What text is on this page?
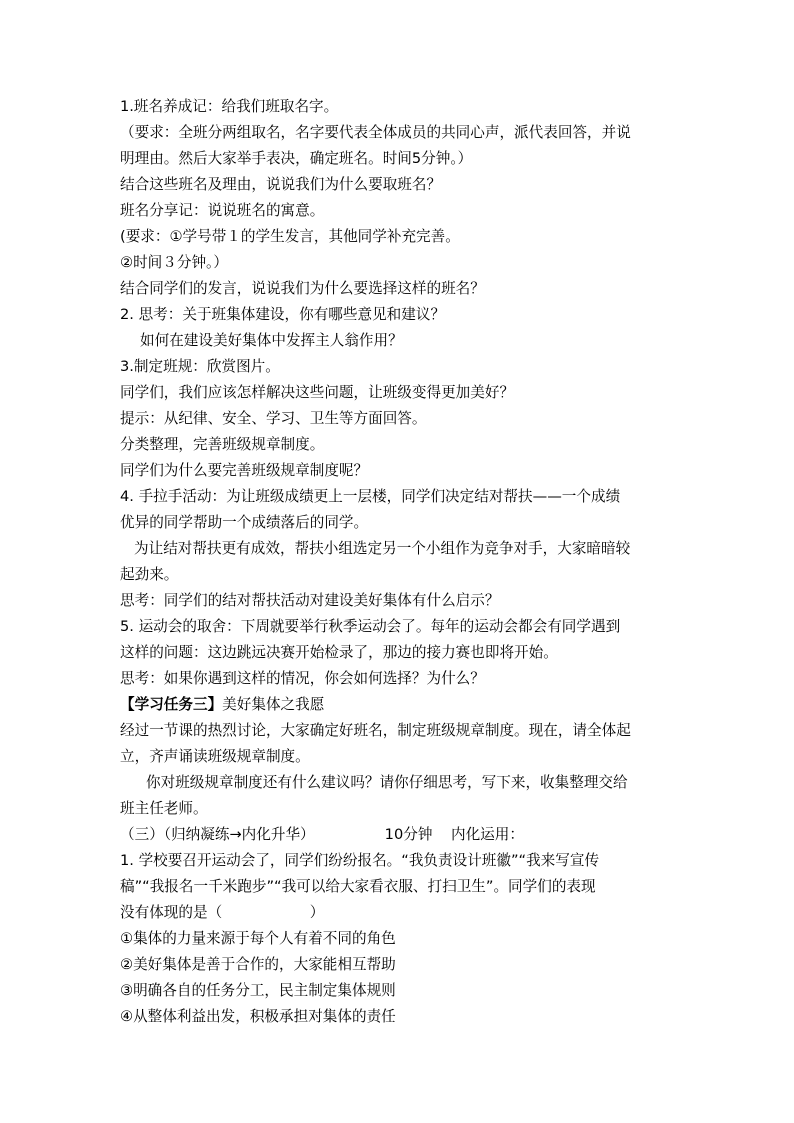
1.班名养成记：给我们班取名字。
（要求：全班分两组取名，名字要代表全体成员的共同心声，派代表回答，并说
明理由。然后大家举手表决，确定班名。时间5分钟。）
结合这些班名及理由，说说我们为什么要取班名？
班名分享记：说说班名的寓意。
(要求：①学号带１的学生发言，其他同学补充完善。
②时间３分钟。）
结合同学们的发言，说说我们为什么要选择这样的班名？
2. 思考：关于班集体建设，你有哪些意见和建议？
如何在建设美好集体中发挥主人翁作用？
3.制定班规：欣赏图片。
同学们，我们应该怎样解决这些问题，让班级变得更加美好？
提示：从纪律、安全、学习、卫生等方面回答。
分类整理，完善班级规章制度。
同学们为什么要完善班级规章制度呢？
4. 手拉手活动：为让班级成绩更上一层楼，同学们决定结对帮扶——一个成绩
优异的同学帮助一个成绩落后的同学。
为让结对帮扶更有成效，帮扶小组选定另一个小组作为竞争对手，大家暗暗较
起劲来。
思考：同学们的结对帮扶活动对建设美好集体有什么启示？
5. 运动会的取舍：下周就要举行秋季运动会了。每年的运动会都会有同学遇到
这样的问题：这边跳远决赛开始检录了，那边的接力赛也即将开始。
思考：如果你遇到这样的情况，你会如何选择？为什么？
【学习任务三】美好集体之我愿
经过一节课的热烈讨论，大家确定好班名，制定班级规章制度。现在，请全体起
立，齐声诵读班级规章制度。
你对班级规章制度还有什么建议吗？请你仔细思考，写下来，收集整理交给
班主任老师。
（三）（归纳凝练→内化升华）	10分钟 内化运用：
1. 学校要召开运动会了，同学们纷纷报名。“我负责设计班徽”“我来写宣传
稿”“我报名一千米跑步”“我可以给大家看衣服、打扫卫生”。同学们的表现
没有体现的是（　　　　　　）
①集体的力量来源于每个人有着不同的角色
②美好集体是善于合作的，大家能相互帮助
③明确各自的任务分工，民主制定集体规则
④从整体利益出发，积极承担对集体的责任
